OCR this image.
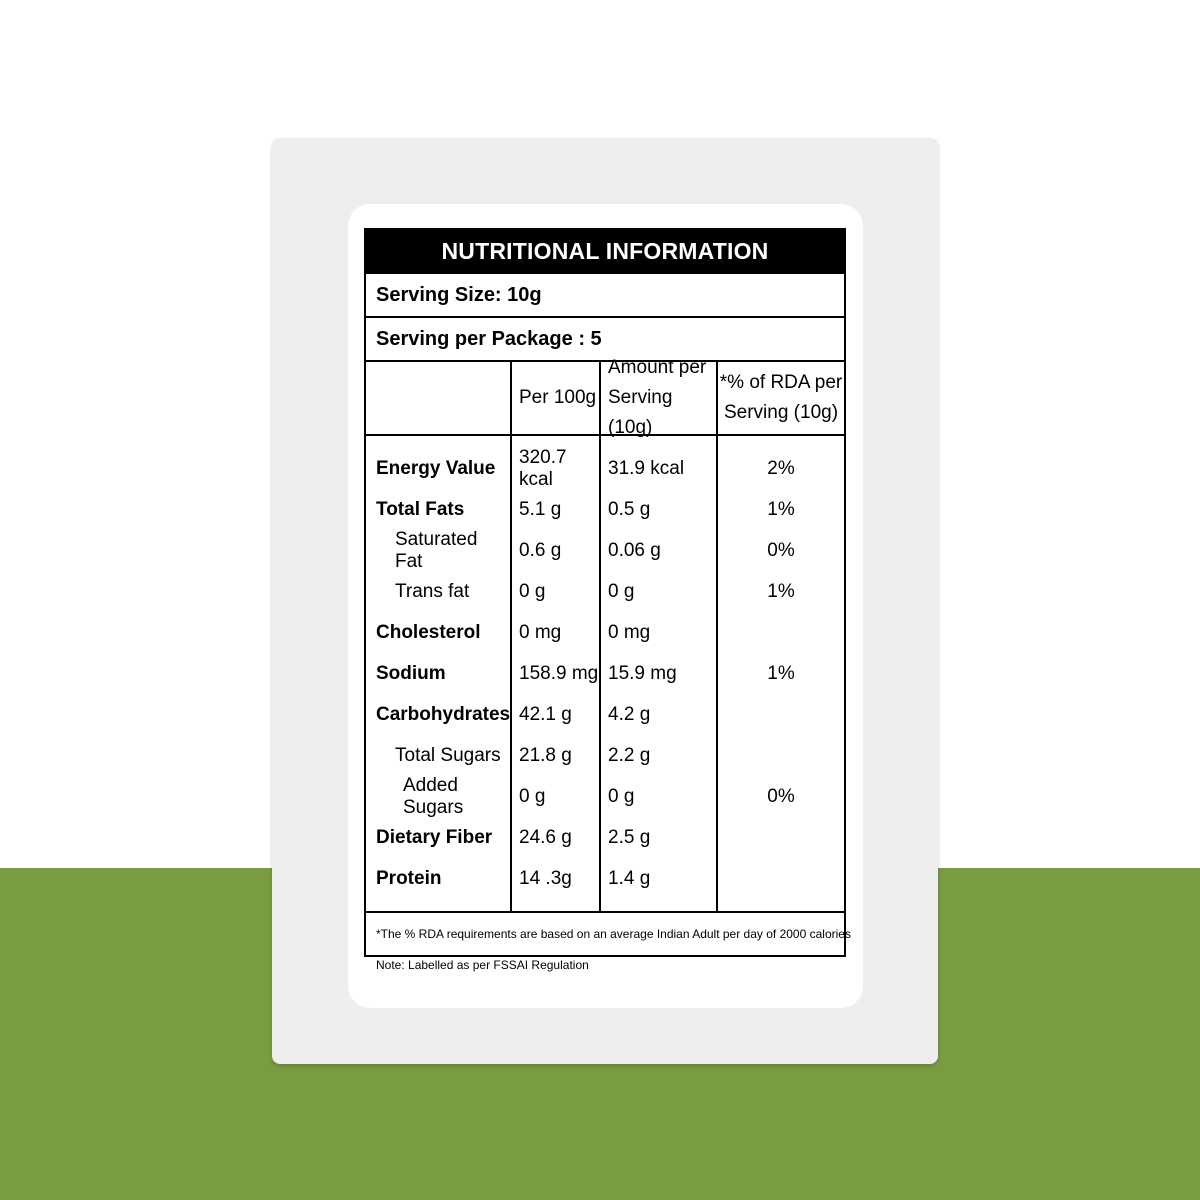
NUTRITIONAL INFORMATION
Serving Size: 10g
Serving per Package : 5
Energy Value
Total Fats
Saturated Fat
Trans fat
Cholesterol
Sodium
Carbohydrates
Total Sugars
Added Sugars
Dietary Fiber
Protein
Per 100g
320.7 kcal
5.1 g
0.6 g
0 g
0 mg
158.9 mg
42.1 g
21.8 g
0 g
24.6 g
14 .3g
Amount per
Serving (10g)
31.9 kcal
0.5 g
0.06 g
0 g
0 mg
15.9 mg
4.2 g
2.2 g
0 g
2.5 g
1.4 g
*% of RDA per
Serving (10g)
2%
1%
0%
1%
1%
0%
*The % RDA requirements are based on an average Indian Adult per day of 2000 calories
Note: Labelled as per FSSAI Regulation
